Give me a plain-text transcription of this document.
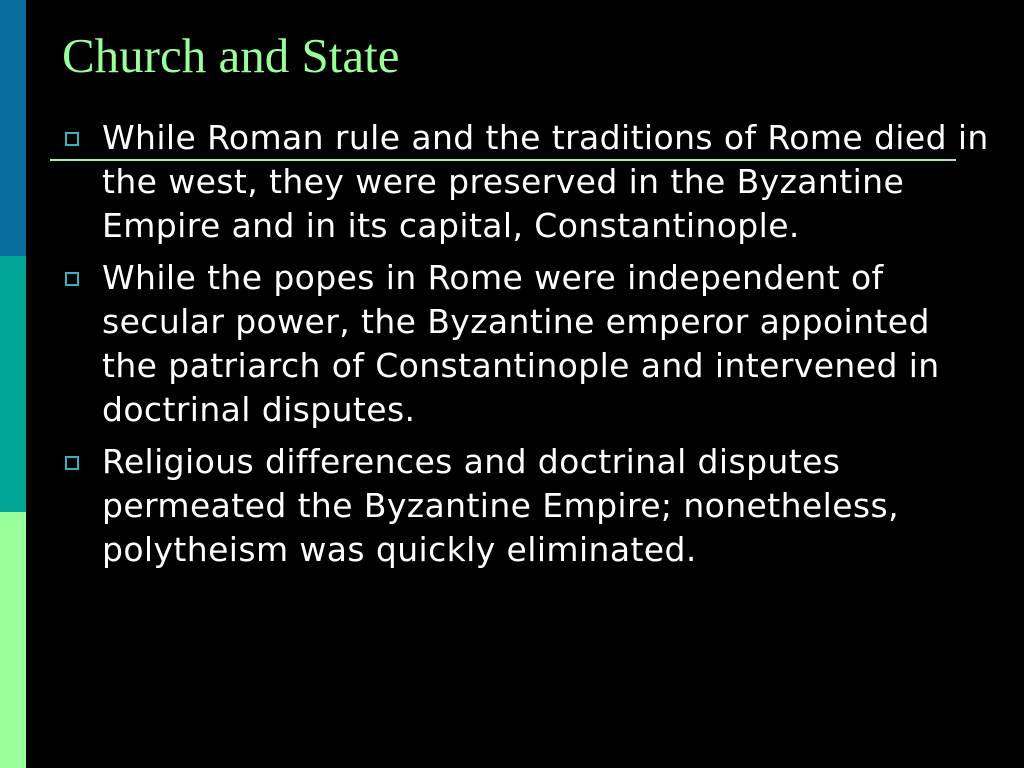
Church and State
While Roman rule and the traditions of Rome died in the west, they were preserved in the Byzantine Empire and in its capital, Constantinople.
While the popes in Rome were independent of secular power, the Byzantine emperor appointed the patriarch of Constantinople and intervened in doctrinal disputes.
Religious differences and doctrinal disputes permeated the Byzantine Empire; nonetheless, polytheism was quickly eliminated.
